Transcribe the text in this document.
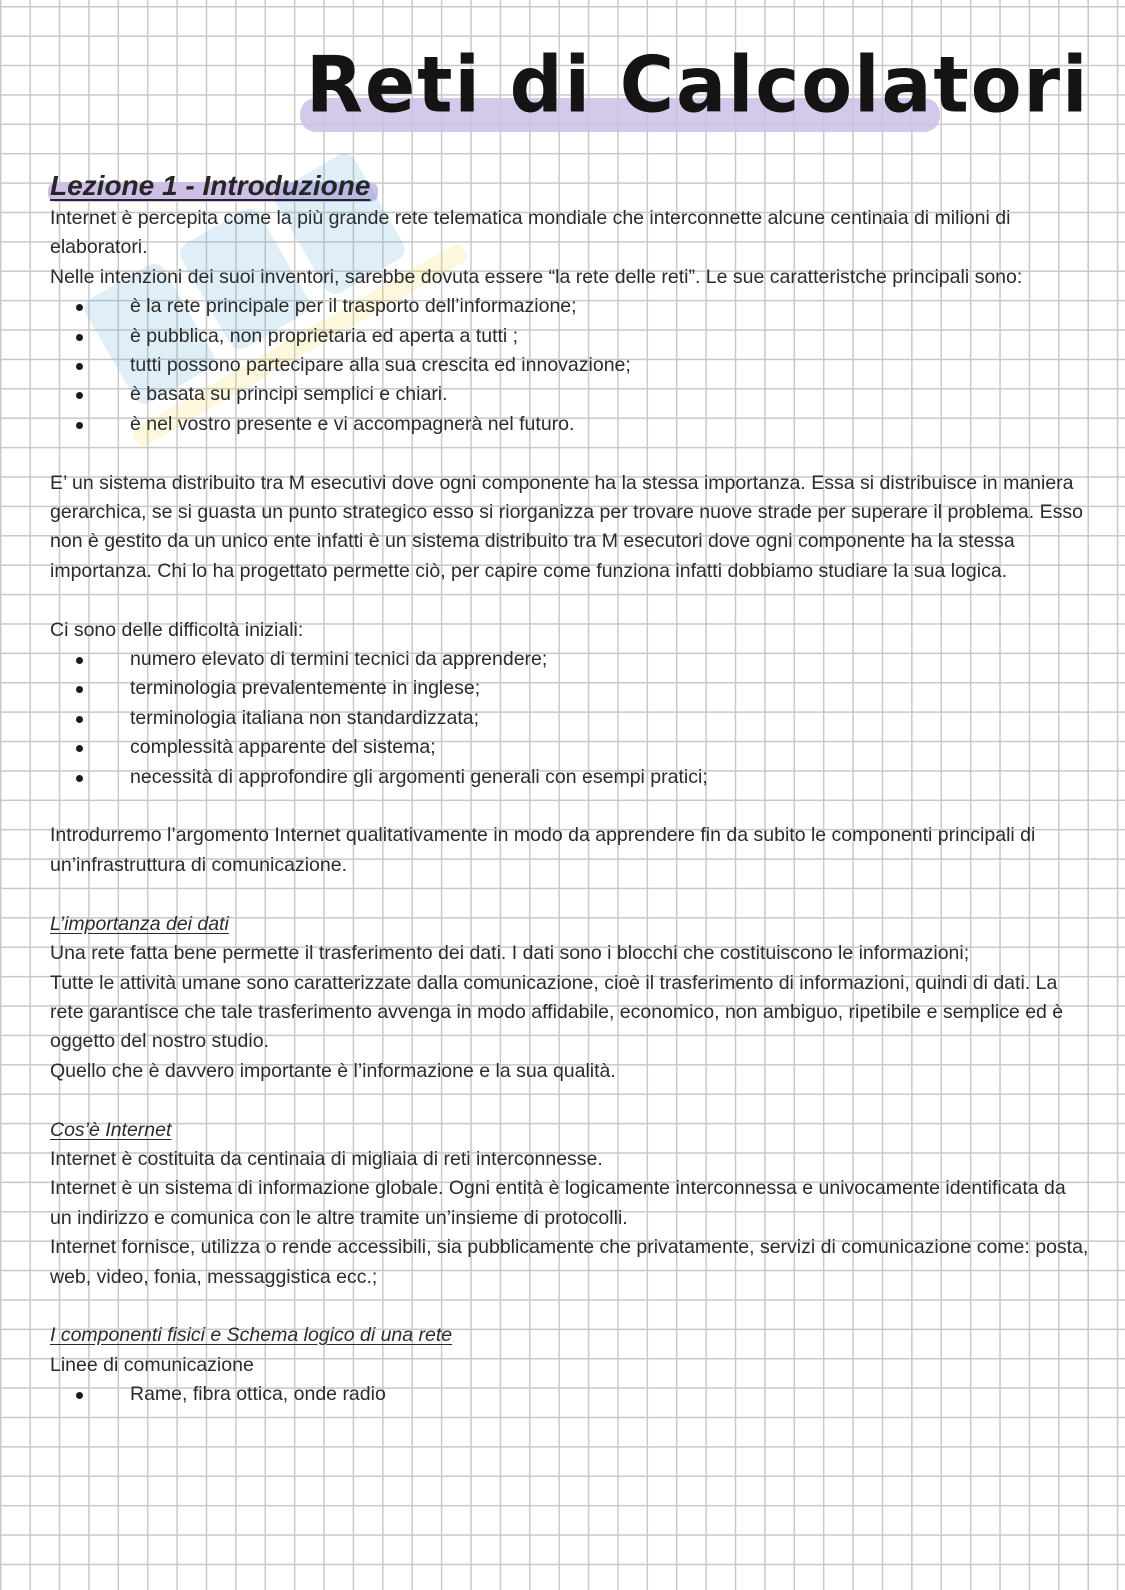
Reti di Calcolatori
Lezione 1 - Introduzione

Internet è percepita come la più grande rete telematica mondiale che interconnette alcune centinaia di milioni di elaboratori.

Nelle intenzioni dei suoi inventori, sarebbe dovuta essere “la rete delle reti”. Le sue caratteristche principali sono:

è la rete principale per il trasporto dell’informazione;
è pubblica, non proprietaria ed aperta a tutti ;
tutti possono partecipare alla sua crescita ed innovazione;
è basata su principi semplici e chiari.
è nel vostro presente e vi accompagnerà nel futuro.

E’ un sistema distribuito tra M esecutivi dove ogni componente ha la stessa importanza. Essa si distribuisce in maniera gerarchica, se si guasta un punto strategico esso si riorganizza per trovare nuove strade per superare il problema. Esso non è gestito da un unico ente infatti è un sistema distribuito tra M esecutori dove ogni componente ha la stessa importanza. Chi lo ha progettato permette ciò, per capire come funziona infatti dobbiamo studiare la sua logica.

Ci sono delle difficoltà iniziali:

numero elevato di termini tecnici da apprendere;
terminologia prevalentemente in inglese;
terminologia italiana non standardizzata;
complessità apparente del sistema;
necessità di approfondire gli argomenti generali con esempi pratici;

Introdurremo l’argomento Internet qualitativamente in modo da apprendere fin da subito le componenti principali di un’infrastruttura di comunicazione.

L’importanza dei dati

Una rete fatta bene permette il trasferimento dei dati. I dati sono i blocchi che costituiscono le informazioni;

Tutte le attività umane sono caratterizzate dalla comunicazione, cioè il trasferimento di informazioni, quindi di dati. La rete garantisce che tale trasferimento avvenga in modo affidabile, economico, non ambiguo, ripetibile e semplice ed è oggetto del nostro studio.

Quello che è davvero importante è l’informazione e la sua qualità.

Cos’è Internet

Internet è costituita da centinaia di migliaia di reti interconnesse.

Internet è un sistema di informazione globale. Ogni entità è logicamente interconnessa e univocamente identificata da un indirizzo e comunica con le altre tramite un’insieme di protocolli.

Internet fornisce, utilizza o rende accessibili, sia pubblicamente che privatamente, servizi di comunicazione come: posta, web, video, fonia, messaggistica ecc.;

I componenti fisici e Schema logico di una rete

Linee di comunicazione

Rame, fibra ottica, onde radio
